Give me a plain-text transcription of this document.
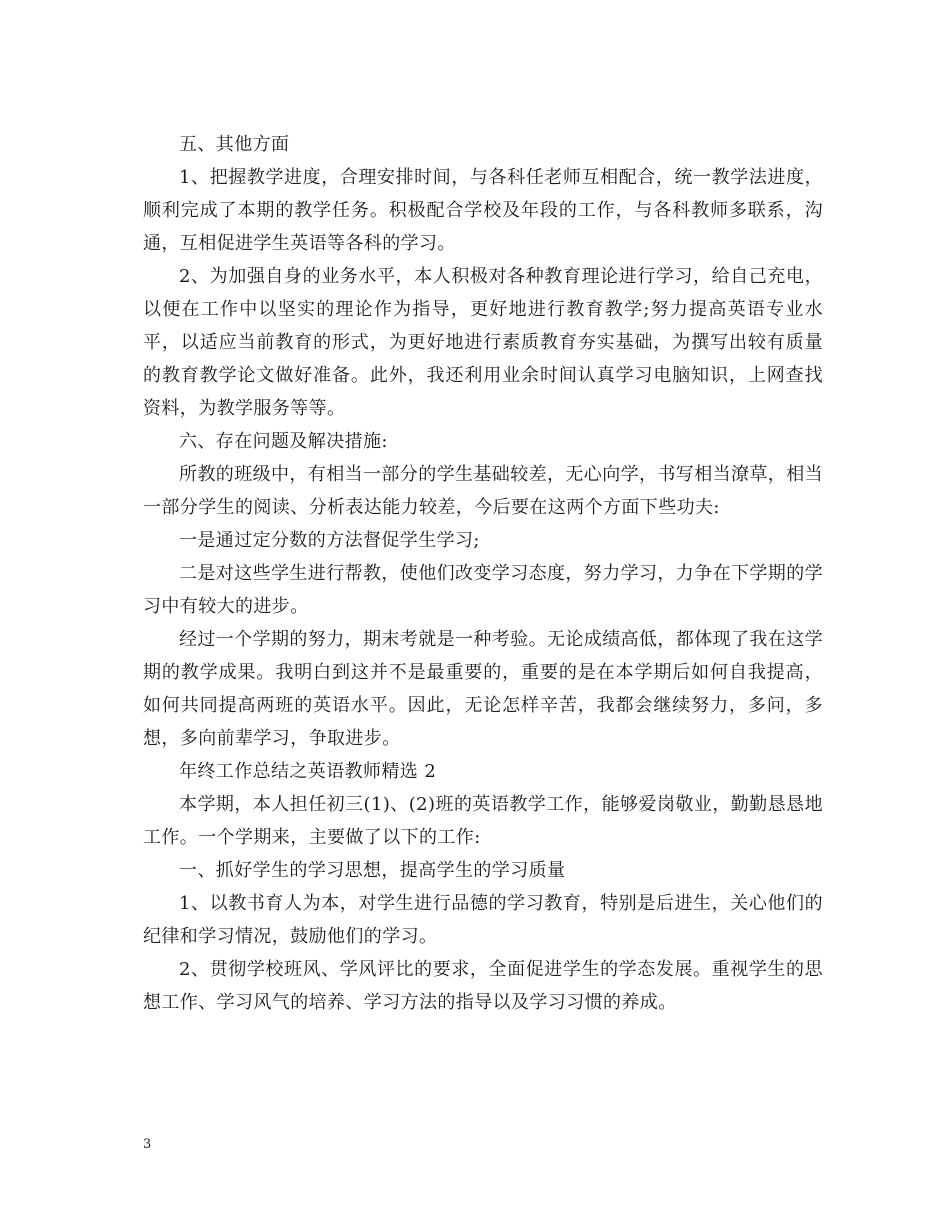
五、其他方面

1、把握教学进度，合理安排时间，与各科任老师互相配合，统一教学法进度，顺利完成了本期的教学任务。积极配合学校及年段的工作，与各科教师多联系，沟通，互相促进学生英语等各科的学习。

2、为加强自身的业务水平，本人积极对各种教育理论进行学习，给自己充电，以便在工作中以坚实的理论作为指导，更好地进行教育教学;努力提高英语专业水平，以适应当前教育的形式，为更好地进行素质教育夯实基础，为撰写出较有质量的教育教学论文做好准备。此外，我还利用业余时间认真学习电脑知识，上网查找资料，为教学服务等等。

六、存在问题及解决措施:

所教的班级中，有相当一部分的学生基础较差，无心向学，书写相当潦草，相当一部分学生的阅读、分析表达能力较差，今后要在这两个方面下些功夫:

一是通过定分数的方法督促学生学习;

二是对这些学生进行帮教，使他们改变学习态度，努力学习，力争在下学期的学习中有较大的进步。

经过一个学期的努力，期末考就是一种考验。无论成绩高低，都体现了我在这学期的教学成果。我明白到这并不是最重要的，重要的是在本学期后如何自我提高，如何共同提高两班的英语水平。因此，无论怎样辛苦，我都会继续努力，多问，多想，多向前辈学习，争取进步。

年终工作总结之英语教师精选 2

本学期，本人担任初三(1)、(2)班的英语教学工作，能够爱岗敬业，勤勤恳恳地工作。一个学期来，主要做了以下的工作:

一、抓好学生的学习思想，提高学生的学习质量

1、以教书育人为本，对学生进行品德的学习教育，特别是后进生，关心他们的纪律和学习情况，鼓励他们的学习。

2、贯彻学校班风、学风评比的要求，全面促进学生的学态发展。重视学生的思想工作、学习风气的培养、学习方法的指导以及学习习惯的养成。

3
